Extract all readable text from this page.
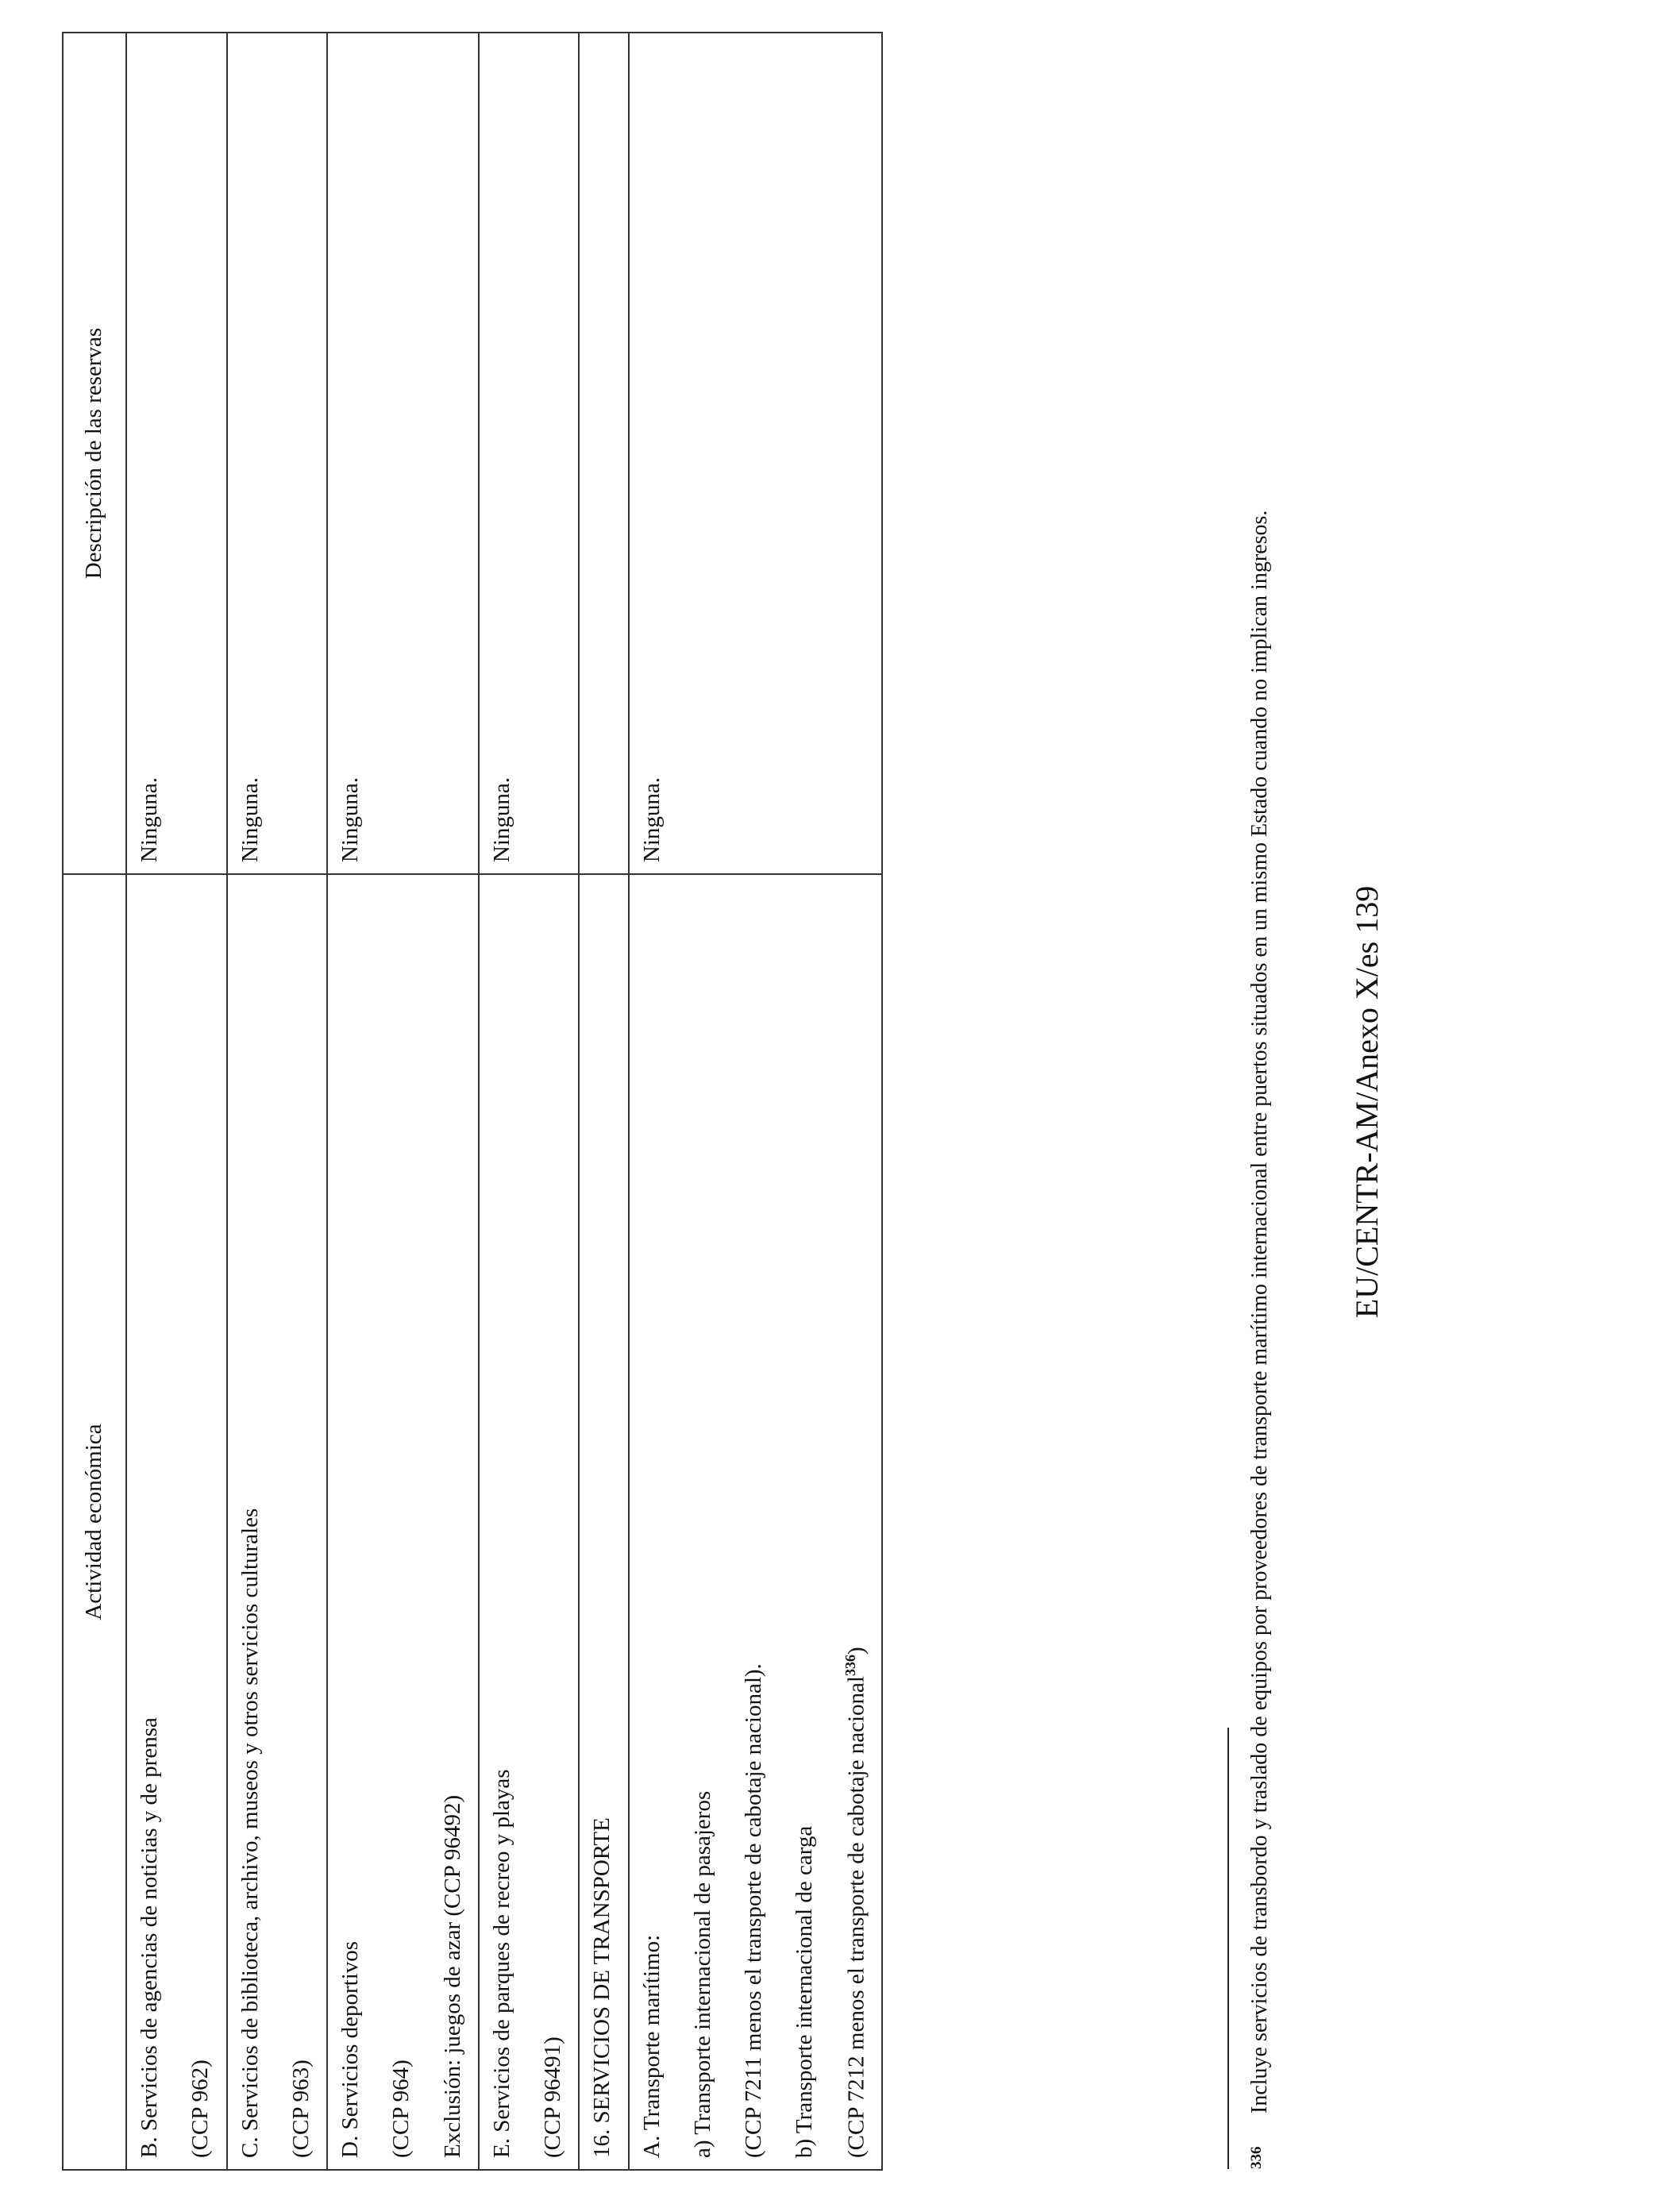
Actividad económica	Descripción de las reservas

B. Servicios de agencias de noticias y de prensa (CCP 962)	Ninguna.

C. Servicios de biblioteca, archivo, museos y otros servicios culturales (CCP 963)	Ninguna.

D. Servicios deportivos (CCP 964) Exclusión: juegos de azar (CCP 96492)	Ninguna.

E. Servicios de parques de recreo y playas (CCP 96491)	Ninguna.
16. SERVICIOS DE TRANSPORTE	

A. Transporte marítimo: a) Transporte internacional de pasajeros (CCP 7211 menos el transporte de cabotaje nacional). b) Transporte internacional de carga (CCP 7212 menos el transporte de cabotaje nacional$^{336}$)	Ninguna.
336
Incluye servicios de transbordo y traslado de equipos por proveedores de transporte marítimo internacional entre puertos situados en un mismo Estado cuando no implican ingresos. EU/CENTR-AM/Anexo X/es 139
